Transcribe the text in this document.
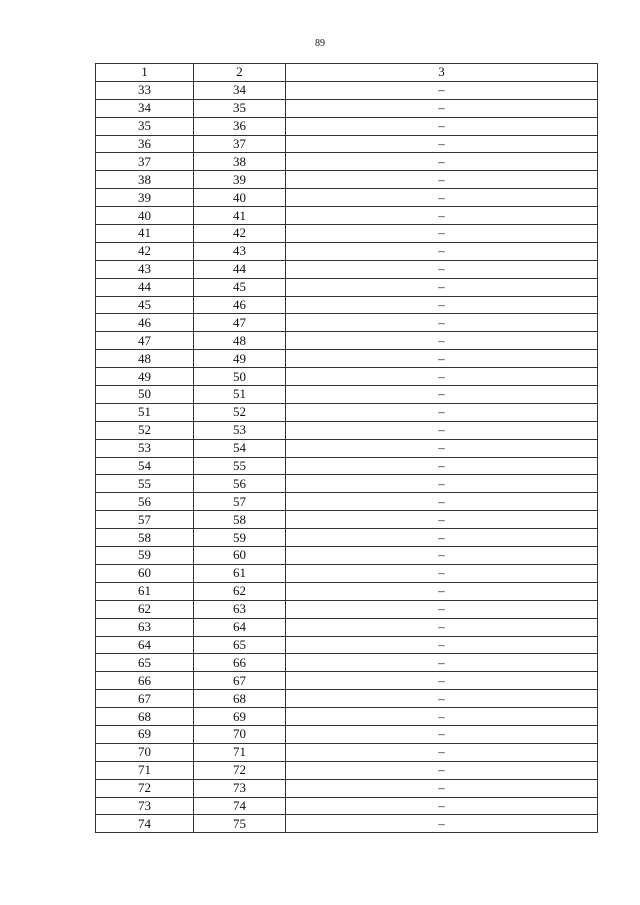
89
1	2	3
33	34	–
34	35	–
35	36	–
36	37	–
37	38	–
38	39	–
39	40	–
40	41	–
41	42	–
42	43	–
43	44	–
44	45	–
45	46	–
46	47	–
47	48	–
48	49	–
49	50	–
50	51	–
51	52	–
52	53	–
53	54	–
54	55	–
55	56	–
56	57	–
57	58	–
58	59	–
59	60	–
60	61	–
61	62	–
62	63	–
63	64	–
64	65	–
65	66	–
66	67	–
67	68	–
68	69	–
69	70	–
70	71	–
71	72	–
72	73	–
73	74	–
74	75	–
